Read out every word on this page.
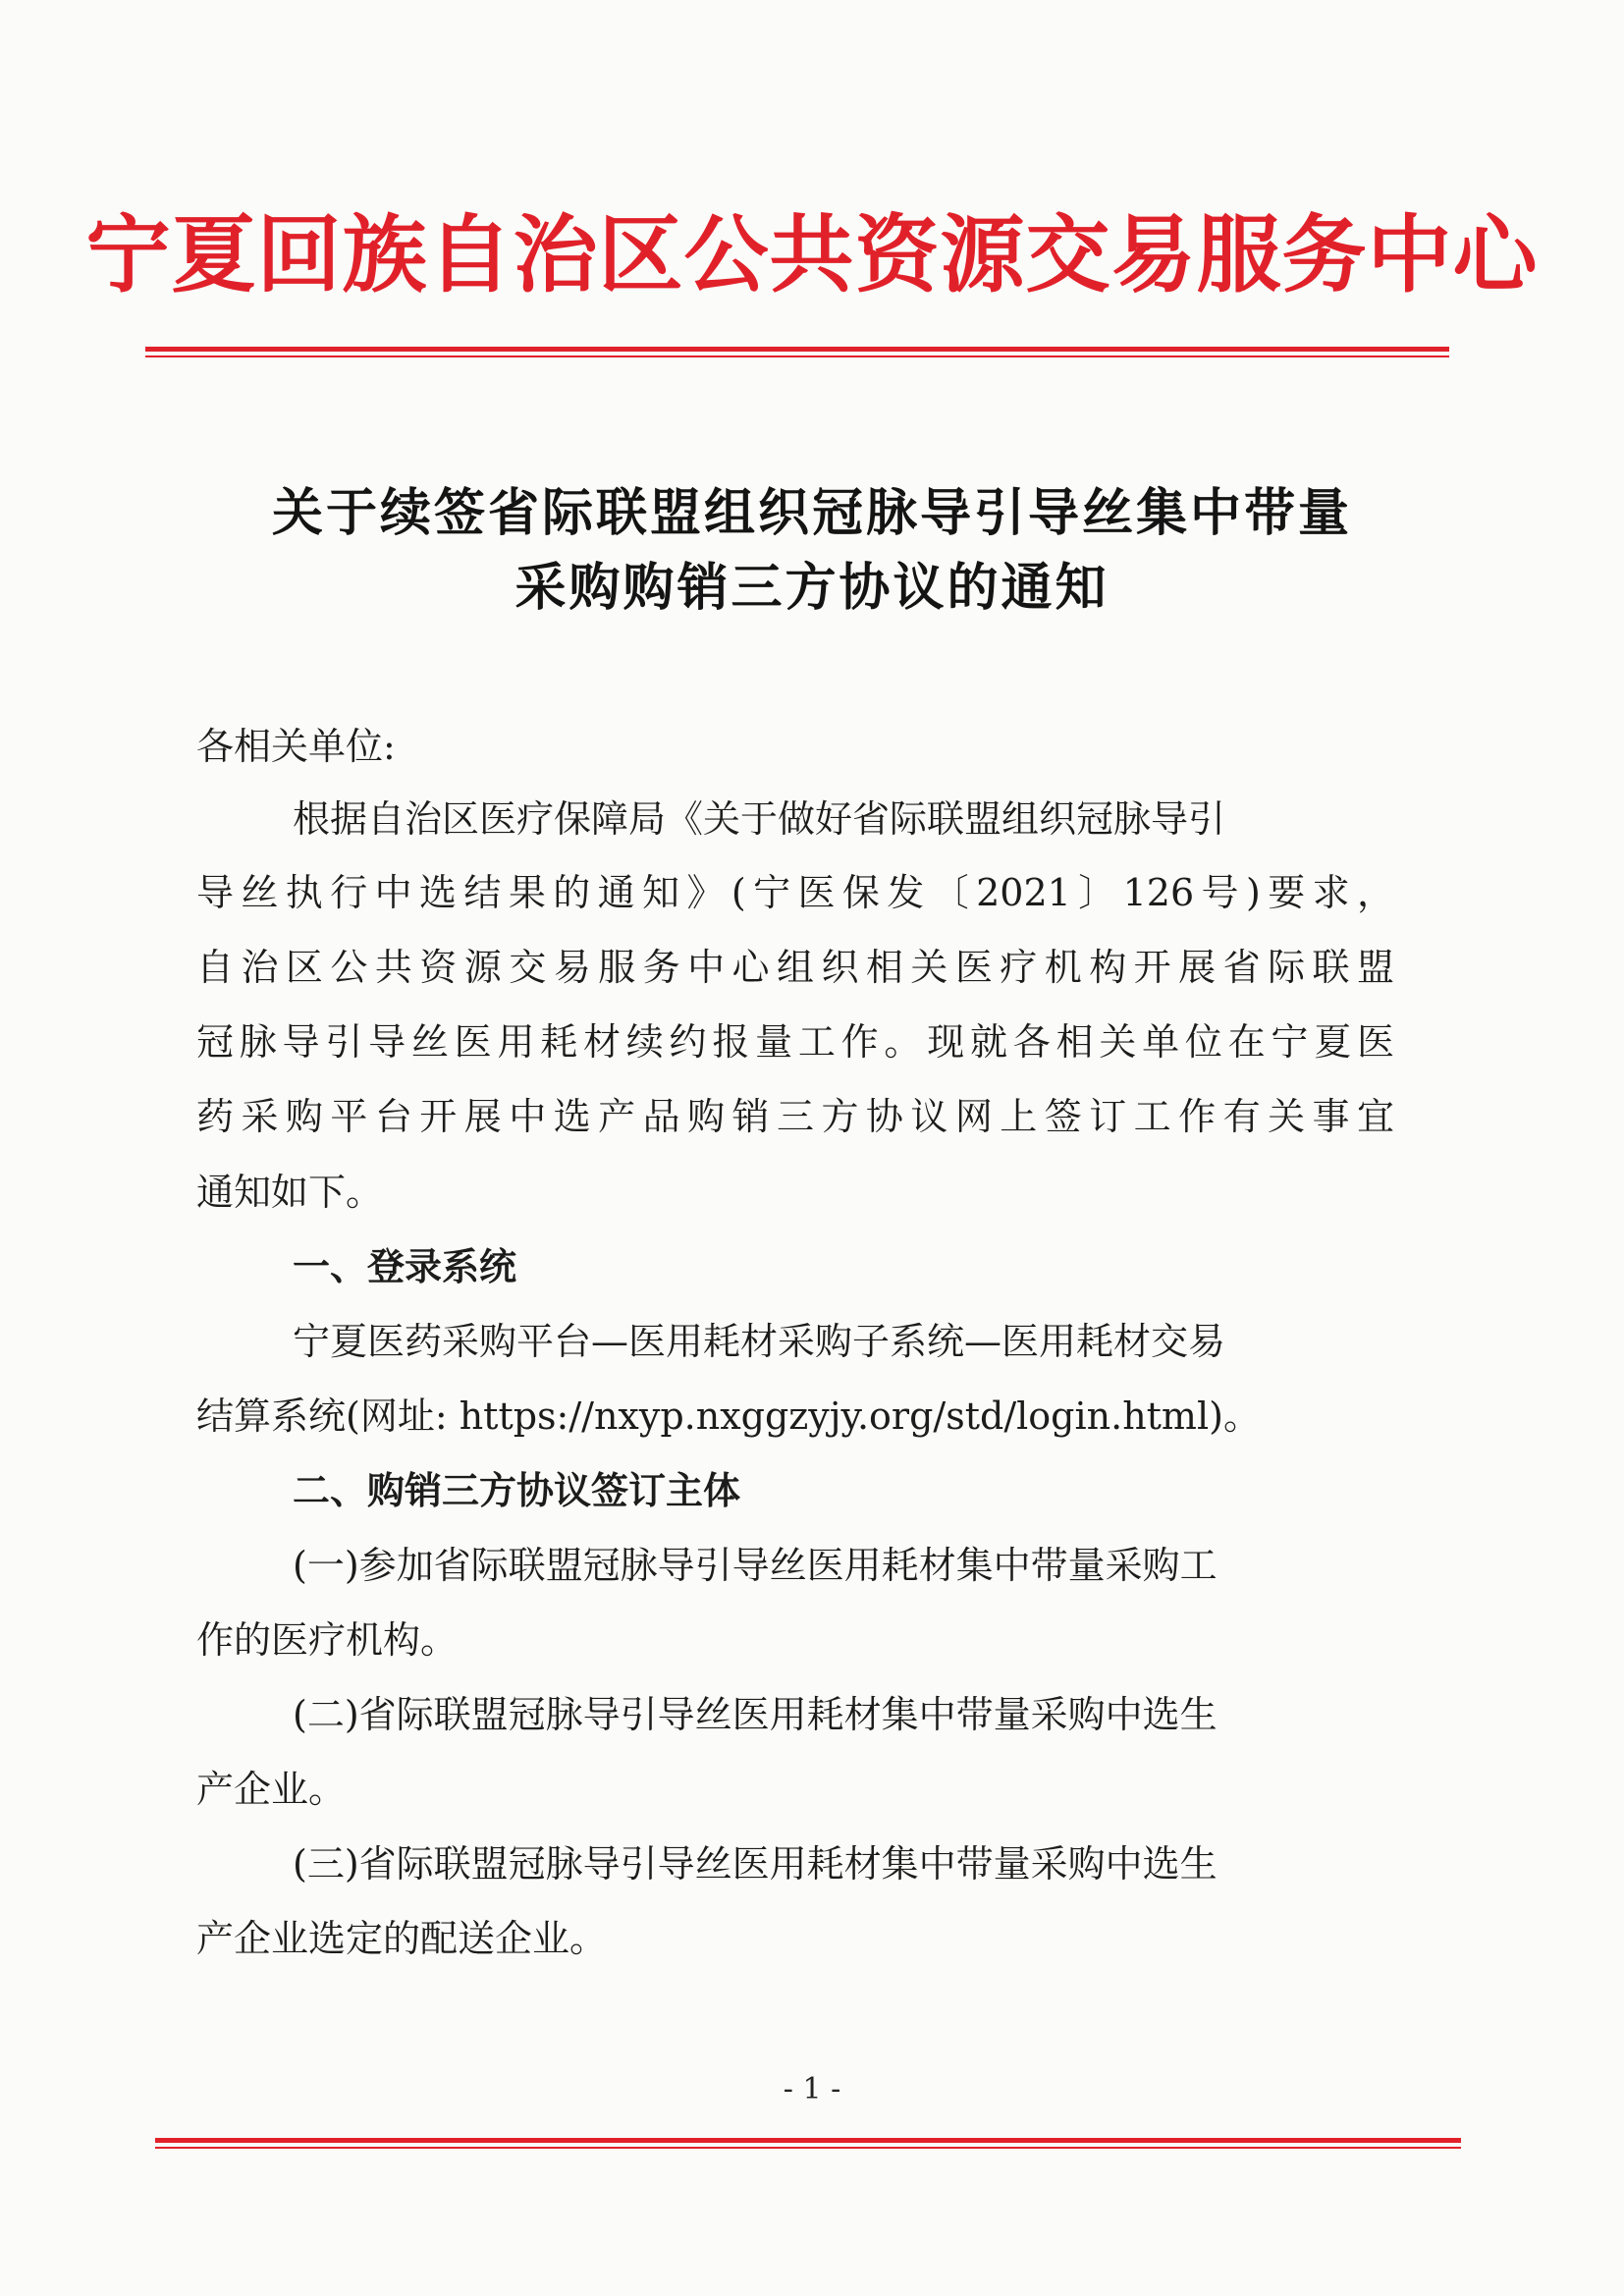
宁夏回族自治区公共资源交易服务中心
关于续签省际联盟组织冠脉导引导丝集中带量
采购购销三方协议的通知
各相关单位:
根据自治区医疗保障局《关于做好省际联盟组织冠脉导引
导丝执行中选结果的通知》(宁医保发〔2021〕126号)要求，
自治区公共资源交易服务中心组织相关医疗机构开展省际联盟
冠脉导引导丝医用耗材续约报量工作。现就各相关单位在宁夏医
药采购平台开展中选产品购销三方协议网上签订工作有关事宜
通知如下。
一、登录系统
宁夏医药采购平台—医用耗材采购子系统—医用耗材交易
结算系统(网址: https://nxyp.nxggzyjy.org/std/login.html)。
二、购销三方协议签订主体
(一)参加省际联盟冠脉导引导丝医用耗材集中带量采购工
作的医疗机构。
(二)省际联盟冠脉导引导丝医用耗材集中带量采购中选生
产企业。
(三)省际联盟冠脉导引导丝医用耗材集中带量采购中选生
产企业选定的配送企业。
- 1 -
